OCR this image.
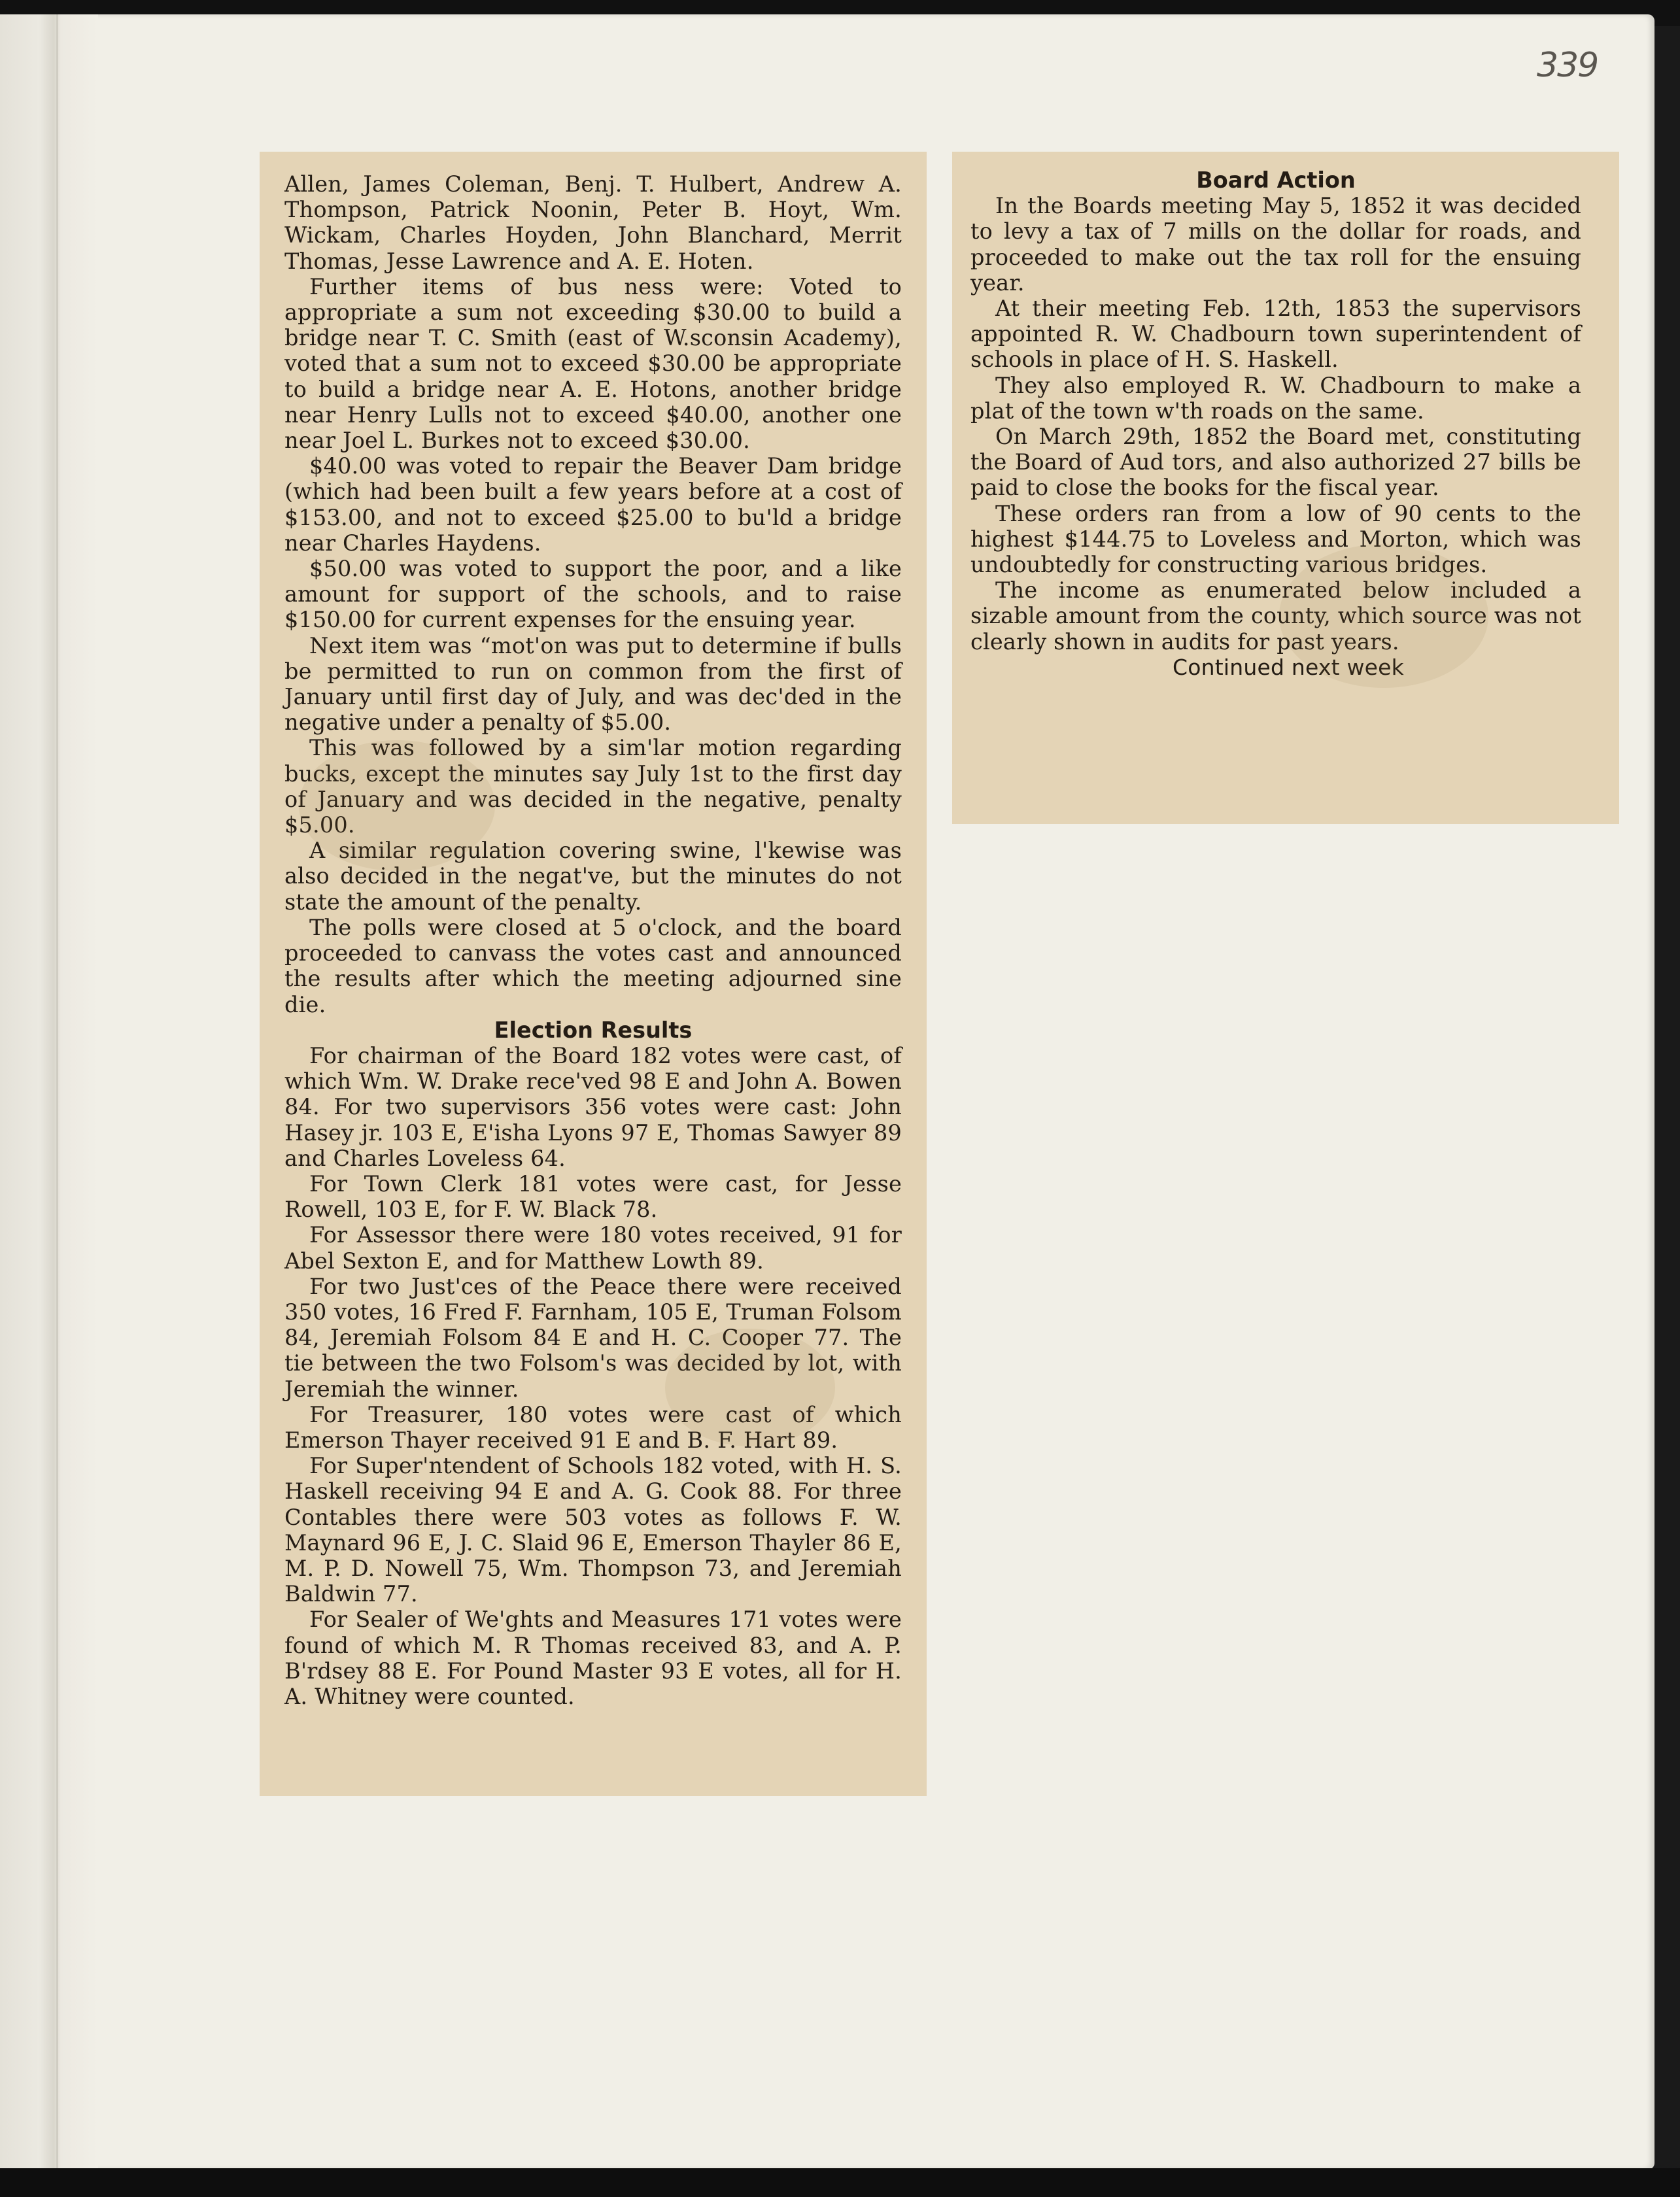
339

Allen, James Coleman, Benj. T. Hulbert, Andrew A. Thompson, Patrick Noonin, Peter B. Hoyt, Wm. Wickam, Charles Hoyden, John Blanchard, Merrit Thomas, Jesse Lawrence and A. E. Hoten.

Further items of bus ness were: Voted to appropriate a sum not exceeding $30.00 to build a bridge near T. C. Smith (east of W.sconsin Academy), voted that a sum not to exceed $30.00 be appropriate to build a bridge near A. E. Hotons, another bridge near Henry Lulls not to exceed $40.00, another one near Joel L. Burkes not to exceed $30.00.

$40.00 was voted to repair the Beaver Dam bridge (which had been built a few years before at a cost of $153.00, and not to exceed $25.00 to bu'ld a bridge near Charles Haydens.

$50.00 was voted to support the poor, and a like amount for support of the schools, and to raise $150.00 for current expenses for the ensuing year.

Next item was “mot'on was put to determine if bulls be permitted to run on common from the first of January until first day of July, and was dec'ded in the negative under a penalty of $5.00.

This was followed by a sim'lar motion regarding bucks, except the minutes say July 1st to the first day of January and was decided in the negative, penalty $5.00.

A similar regulation covering swine, l'kewise was also decided in the negat've, but the minutes do not state the amount of the penalty.

The polls were closed at 5 o'clock, and the board proceeded to canvass the votes cast and announced the results after which the meeting adjourned sine die.

Election Results

For chairman of the Board 182 votes were cast, of which Wm. W. Drake rece'ved 98 E and John A. Bowen 84. For two supervisors 356 votes were cast: John Hasey jr. 103 E, E'isha Lyons 97 E, Thomas Sawyer 89 and Charles Loveless 64.

For Town Clerk 181 votes were cast, for Jesse Rowell, 103 E, for F. W. Black 78.

For Assessor there were 180 votes received, 91 for Abel Sexton E, and for Matthew Lowth 89.

For two Just'ces of the Peace there were received 350 votes, 16 Fred F. Farnham, 105 E, Truman Folsom 84, Jeremiah Folsom 84 E and H. C. Cooper 77. The tie between the two Folsom's was decided by lot, with Jeremiah the winner.

For Treasurer, 180 votes were cast of which Emerson Thayer received 91 E and B. F. Hart 89.

For Super'ntendent of Schools 182 voted, with H. S. Haskell receiving 94 E and A. G. Cook 88. For three Contables there were 503 votes as follows F. W. Maynard 96 E, J. C. Slaid 96 E, Emerson Thayler 86 E, M. P. D. Nowell 75, Wm. Thompson 73, and Jeremiah Baldwin 77.

For Sealer of We'ghts and Measures 171 votes were found of which M. R Thomas received 83, and A. P. B'rdsey 88 E. For Pound Master 93 E votes, all for H. A. Whitney were counted.

Board Action

In the Boards meeting May 5, 1852 it was decided to levy a tax of 7 mills on the dollar for roads, and proceeded to make out the tax roll for the ensuing year.

At their meeting Feb. 12th, 1853 the supervisors appointed R. W. Chadbourn town superintendent of schools in place of H. S. Haskell.

They also employed R. W. Chadbourn to make a plat of the town w'th roads on the same.

On March 29th, 1852 the Board met, constituting the Board of Aud tors, and also authorized 27 bills be paid to close the books for the fiscal year.

These orders ran from a low of 90 cents to the highest $144.75 to Loveless and Morton, which was undoubtedly for constructing various bridges.

The income as enumerated below included a sizable amount from the county, which source was not clearly shown in audits for past years.

Continued next week
